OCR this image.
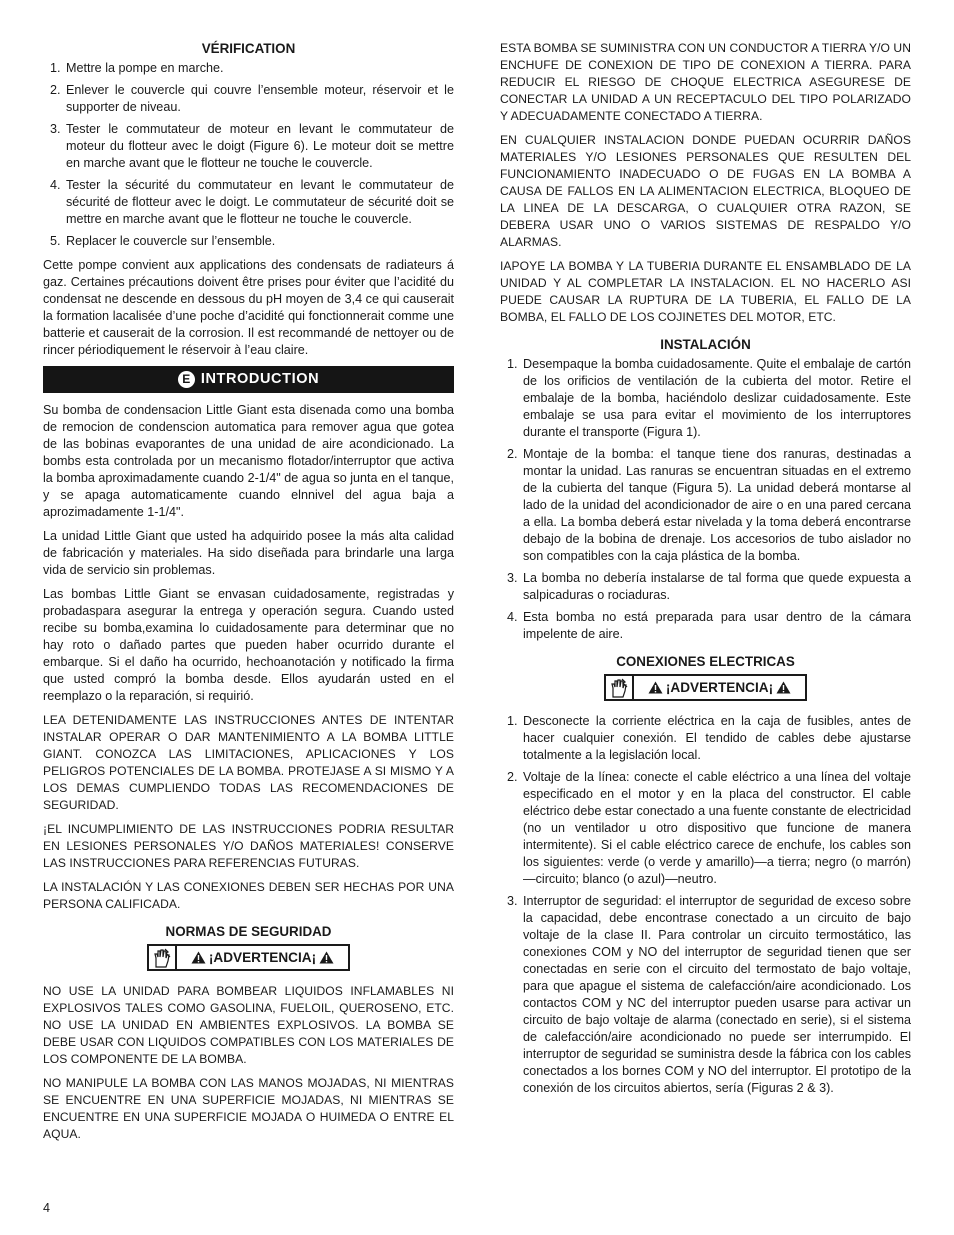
VÉRIFICATION
1. Mettre la pompe en marche.
2. Enlever le couvercle qui couvre l’ensemble moteur, réservoir et le supporter de niveau.
3. Tester le commutateur de moteur en levant le commutateur de moteur du flotteur avec le doigt (Figure 6). Le moteur doit se mettre en marche avant que le flotteur ne touche le couvercle.
4. Tester la sécurité du commutateur en levant le commutateur de sécurité de flotteur avec le doigt. Le commutateur de sécurité doit se mettre en marche avant que le flotteur ne touche le couvercle.
5. Replacer le couvercle sur l’ensemble.

Cette pompe convient aux applications des condensats de radiateurs á gaz. Certaines précautions doivent être prises pour éviter que l’acidité du condensat ne descende en dessous du pH moyen de 3,4 ce qui causerait la formation lacalisée d’une poche d’acidité qui fonctionnerait comme une batterie et causerait de la corrosion. Il est recommandé de nettoyer ou de rincer périodiquement le réservoir à l’eau claire.

E INTRODUCTION

Su bomba de condensacion Little Giant esta disenada como una bomba de remocion de condenscion automatica para remover agua que gotea de las bobinas evaporantes de una unidad de aire acondicionado. La bombs esta controlada por un mecanismo flotador/interruptor que activa la bomba aproximadamente cuando 2-1/4" de agua so junta en el tanque, y se apaga automaticamente cuando elnnivel del agua baja a aprozimadamente 1-1/4".

La unidad Little Giant que usted ha adquirido posee la más alta calidad de fabricación y materiales. Ha sido diseñada para brindarle una larga vida de servicio sin problemas.

Las bombas Little Giant se envasan cuidadosamente, registradas y probadaspara asegurar la entrega y operación segura. Cuando usted recibe su bomba,examina lo cuidadosamente para determinar que no hay roto o dañado partes que pueden haber ocurrido durante el embarque. Si el daño ha ocurrido, hechoanotación y notificado la firma que usted compró la bomba desde. Ellos ayudarán usted en el reemplazo o la reparación, si requirió.

LEA DETENIDAMENTE LAS INSTRUCCIONES ANTES DE INTENTAR INSTALAR OPERAR O DAR MANTENIMIENTO A LA BOMBA LITTLE GIANT. CONOZCA LAS LIMITACIONES, APLICACIONES Y LOS PELIGROS POTENCIALES DE LA BOMBA. PROTEJASE A SI MISMO Y A LOS DEMAS CUMPLIENDO TODAS LAS RECOMENDACIONES DE SEGURIDAD.

¡EL INCUMPLIMIENTO DE LAS INSTRUCCIONES PODRIA RESULTAR EN LESIONES PERSONALES Y/O DAÑOS MATERIALES! CONSERVE LAS INSTRUCCIONES PARA REFERENCIAS FUTURAS.

LA INSTALACIÓN Y LAS CONEXIONES DEBEN SER HECHAS POR UNA PERSONA CALIFICADA.

NORMAS DE SEGURIDAD
¡ADVERTENCIA¡

NO USE LA UNIDAD PARA BOMBEAR LIQUIDOS INFLAMABLES NI EXPLOSIVOS TALES COMO GASOLINA, FUELOIL, QUEROSENO, ETC. NO USE LA UNIDAD EN AMBIENTES EXPLOSIVOS. LA BOMBA SE DEBE USAR CON LIQUIDOS COMPATIBLES CON LOS MATERIALES DE LOS COMPONENTE DE LA BOMBA.

NO MANIPULE LA BOMBA CON LAS MANOS MOJADAS, NI MIENTRAS SE ENCUENTRE EN UNA SUPERFICIE MOJADAS, NI MIENTRAS SE ENCUENTRE EN UNA SUPERFICIE MOJADA O HUIMEDA O ENTRE EL AQUA.

ESTA BOMBA SE SUMINISTRA CON UN CONDUCTOR A TIERRA Y/O UN ENCHUFE DE CONEXION DE TIPO DE CONEXION A TIERRA. PARA REDUCIR EL RIESGO DE CHOQUE ELECTRICA ASEGURESE DE CONECTAR LA UNIDAD A UN RECEPTACULO DEL TIPO POLARIZADO Y ADECUADAMENTE CONECTADO A TIERRA.

EN CUALQUIER INSTALACION DONDE PUEDAN OCURRIR DAÑOS MATERIALES Y/O LESIONES PERSONALES QUE RESULTEN DEL FUNCIONAMIENTO INADECUADO O DE FUGAS EN LA BOMBA A CAUSA DE FALLOS EN LA ALIMENTACION ELECTRICA, BLOQUEO DE LA LINEA DE LA DESCARGA, O CUALQUIER OTRA RAZON, SE DEBERA USAR UNO O VARIOS SISTEMAS DE RESPALDO Y/O ALARMAS.

IAPOYE LA BOMBA Y LA TUBERIA DURANTE EL ENSAMBLADO DE LA UNIDAD Y AL COMPLETAR LA INSTALACION. EL NO HACERLO ASI PUEDE CAUSAR LA RUPTURA DE LA TUBERIA, EL FALLO DE LA BOMBA, EL FALLO DE LOS COJINETES DEL MOTOR, ETC.

INSTALACIÓN
1. Desempaque la bomba cuidadosamente. Quite el embalaje de cartón de los orificios de ventilación de la cubierta del motor. Retire el embalaje de la bomba, haciéndolo deslizar cuidadosamente. Este embalaje se usa para evitar el movimiento de los interruptores durante el transporte (Figura 1).
2. Montaje de la bomba: el tanque tiene dos ranuras, destinadas a montar la unidad. Las ranuras se encuentran situadas en el extremo de la cubierta del tanque (Figura 5). La unidad deberá montarse al lado de la unidad del acondicionador de aire o en una pared cercana a ella. La bomba deberá estar nivelada y la toma deberá encontrarse debajo de la bobina de drenaje. Los accesorios de tubo aislador no son compatibles con la caja plástica de la bomba.
3. La bomba no debería instalarse de tal forma que quede expuesta a salpicaduras o rociaduras.
4. Esta bomba no está preparada para usar dentro de la cámara impelente de aire.
CONEXIONES ELECTRICAS
¡ADVERTENCIA¡
1. Desconecte la corriente eléctrica en la caja de fusibles, antes de hacer cualquier conexión. El tendido de cables debe ajustarse totalmente a la legislación local.
2. Voltaje de la línea: conecte el cable eléctrico a una línea del voltaje especificado en el motor y en la placa del constructor. El cable eléctrico debe estar conectado a una fuente constante de electricidad (no un ventilador u otro dispositivo que funcione de manera intermitente). Si el cable eléctrico carece de enchufe, los cables son los siguientes: verde (o verde y amarillo)—a tierra; negro (o marrón)—circuito; blanco (o azul)—neutro.
3. Interruptor de seguridad: el interruptor de seguridad de exceso sobre la capacidad, debe encontrase conectado a un circuito de bajo voltaje de la clase II. Para controlar un circuito termostático, las conexiones COM y NO del interruptor de seguridad tienen que ser conectadas en serie con el circuito del termostato de bajo voltaje, para que apague el sistema de calefacción/aire acondicionado. Los contactos COM y NC del interruptor pueden usarse para activar un circuito de bajo voltaje de alarma (conectado en serie), si el sistema de calefacción/aire acondicionado no puede ser interrumpido. El interruptor de seguridad se suministra desde la fábrica con los cables conectados a los bornes COM y NO del interruptor. El prototipo de la conexión de los circuitos abiertos, sería (Figuras 2 & 3).
4
